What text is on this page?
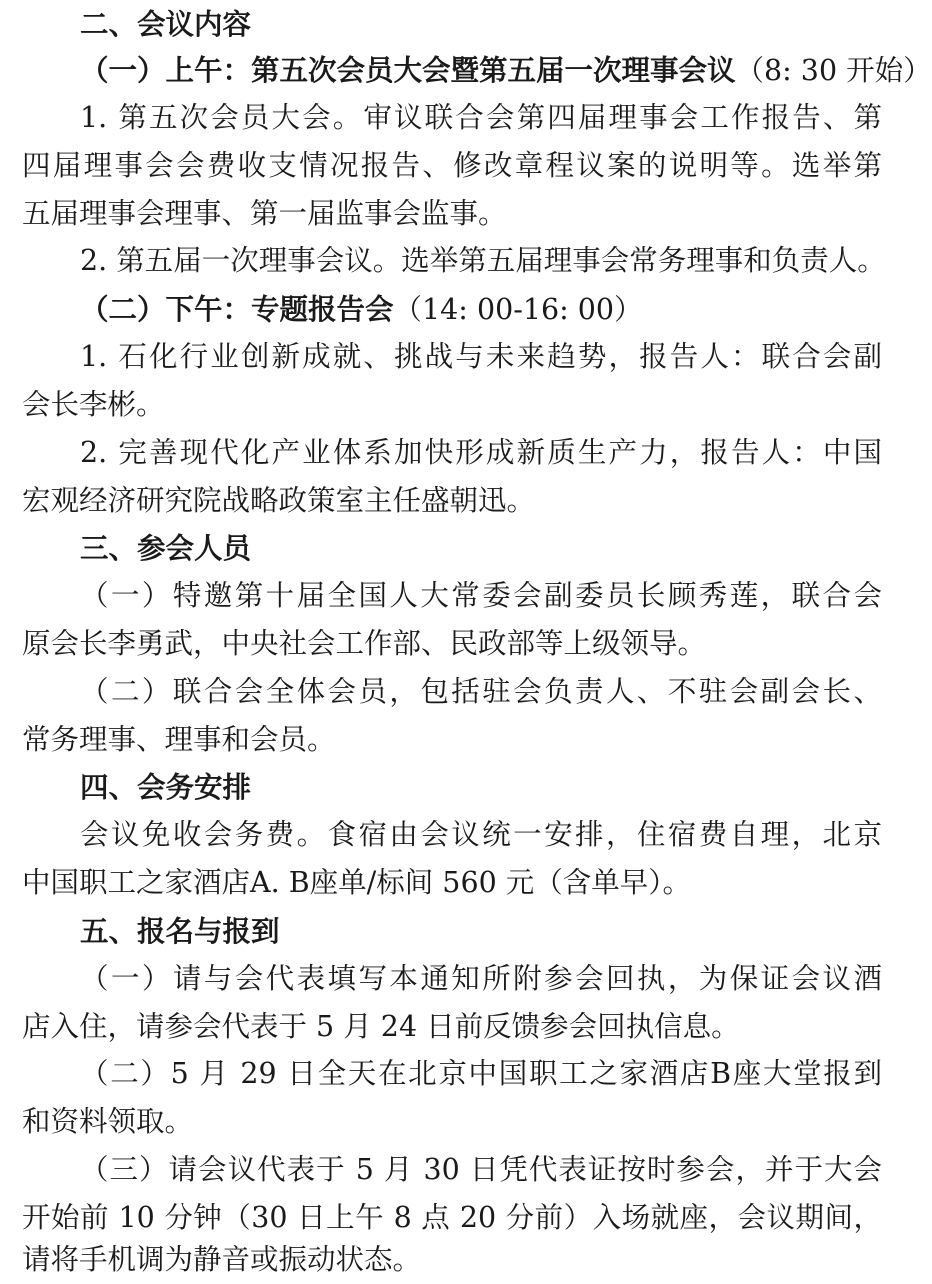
二、会议内容
（一）上午：第五次会员大会暨第五届一次理事会议（8: 30 开始）
1. 第五次会员大会。审议联合会第四届理事会工作报告、第
四届理事会会费收支情况报告、修改章程议案的说明等。选举第
五届理事会理事、第一届监事会监事。
2. 第五届一次理事会议。选举第五届理事会常务理事和负责人。
（二）下午：专题报告会（14: 00-16: 00）
1. 石化行业创新成就、挑战与未来趋势，报告人：联合会副
会长李彬。
2. 完善现代化产业体系加快形成新质生产力，报告人：中国
宏观经济研究院战略政策室主任盛朝迅。
三、参会人员
（一）特邀第十届全国人大常委会副委员长顾秀莲，联合会
原会长李勇武，中央社会工作部、民政部等上级领导。
（二）联合会全体会员，包括驻会负责人、不驻会副会长、
常务理事、理事和会员。
四、会务安排
会议免收会务费。食宿由会议统一安排，住宿费自理，北京
中国职工之家酒店A. B座单/标间 560 元（含单早）。
五、报名与报到
（一）请与会代表填写本通知所附参会回执，为保证会议酒
店入住，请参会代表于 5 月 24 日前反馈参会回执信息。
（二）5 月 29 日全天在北京中国职工之家酒店B座大堂报到
和资料领取。
（三）请会议代表于 5 月 30 日凭代表证按时参会，并于大会
开始前 10 分钟（30 日上午 8 点 20 分前）入场就座，会议期间，
请将手机调为静音或振动状态。
